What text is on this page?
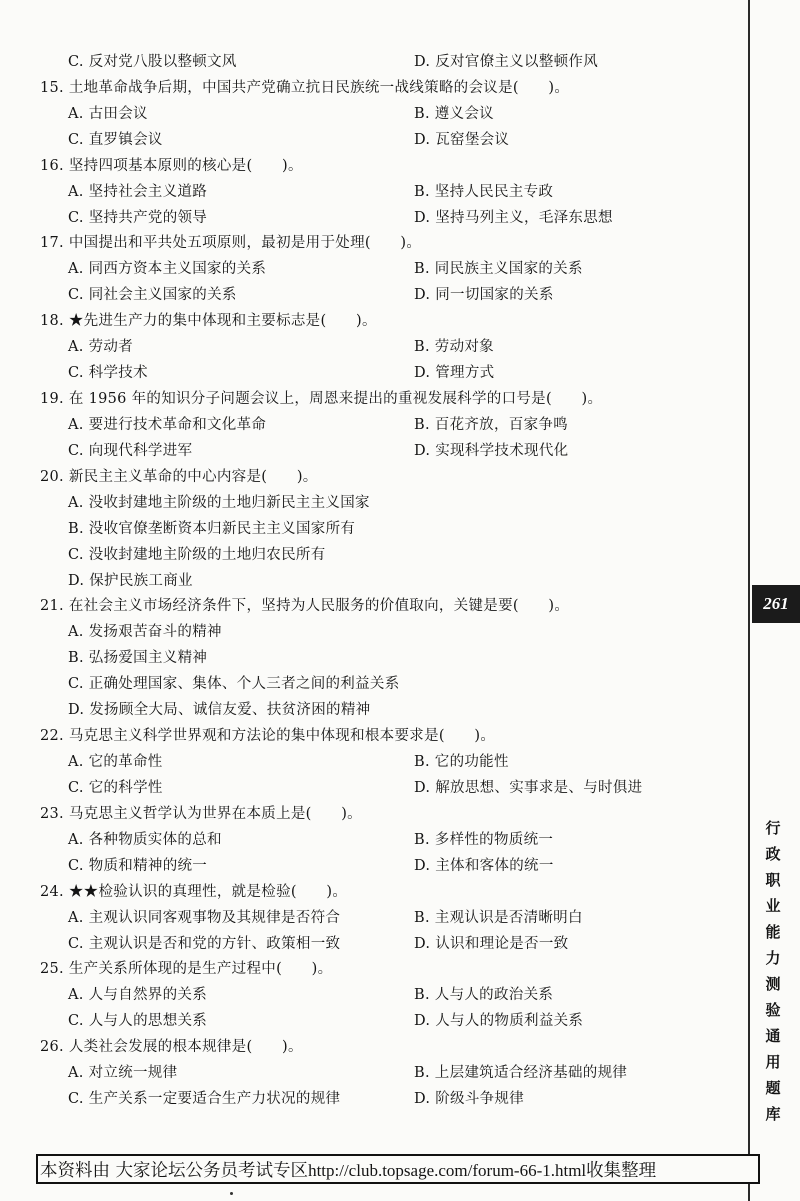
C. 反对党八股以整顿文风	D. 反对官僚主义以整顿作风
15. 土地革命战争后期，中国共产党确立抗日民族统一战线策略的会议是(　　)。
A. 古田会议	B. 遵义会议
C. 直罗镇会议	D. 瓦窑堡会议
16. 坚持四项基本原则的核心是(　　)。
A. 坚持社会主义道路	B. 坚持人民民主专政
C. 坚持共产党的领导	D. 坚持马列主义，毛泽东思想
17. 中国提出和平共处五项原则，最初是用于处理(　　)。
A. 同西方资本主义国家的关系	B. 同民族主义国家的关系
C. 同社会主义国家的关系	D. 同一切国家的关系
18. ★先进生产力的集中体现和主要标志是(　　)。
A. 劳动者	B. 劳动对象
C. 科学技术	D. 管理方式
19. 在 1956 年的知识分子问题会议上，周恩来提出的重视发展科学的口号是(　　)。
A. 要进行技术革命和文化革命	B. 百花齐放，百家争鸣
C. 向现代科学进军	D. 实现科学技术现代化
20. 新民主主义革命的中心内容是(　　)。
A. 没收封建地主阶级的土地归新民主主义国家
B. 没收官僚垄断资本归新民主主义国家所有
C. 没收封建地主阶级的土地归农民所有
D. 保护民族工商业
21. 在社会主义市场经济条件下，坚持为人民服务的价值取向，关键是要(　　)。
A. 发扬艰苦奋斗的精神
B. 弘扬爱国主义精神
C. 正确处理国家、集体、个人三者之间的利益关系
D. 发扬顾全大局、诚信友爱、扶贫济困的精神
22. 马克思主义科学世界观和方法论的集中体现和根本要求是(　　)。
A. 它的革命性	B. 它的功能性
C. 它的科学性	D. 解放思想、实事求是、与时俱进
23. 马克思主义哲学认为世界在本质上是(　　)。
A. 各种物质实体的总和	B. 多样性的物质统一
C. 物质和精神的统一	D. 主体和客体的统一
24. ★★检验认识的真理性，就是检验(　　)。
A. 主观认识同客观事物及其规律是否符合	B. 主观认识是否清晰明白
C. 主观认识是否和党的方针、政策相一致	D. 认识和理论是否一致
25. 生产关系所体现的是生产过程中(　　)。
A. 人与自然界的关系	B. 人与人的政治关系
C. 人与人的思想关系	D. 人与人的物质利益关系
26. 人类社会发展的根本规律是(　　)。
A. 对立统一规律	B. 上层建筑适合经济基础的规律
C. 生产关系一定要适合生产力状况的规律	D. 阶级斗争规律
261
行
政
职
业
能
力
测
验
通
用
题
库
本资料由 大家论坛公务员考试专区http://club.topsage.com/forum-66-1.html收集整理
